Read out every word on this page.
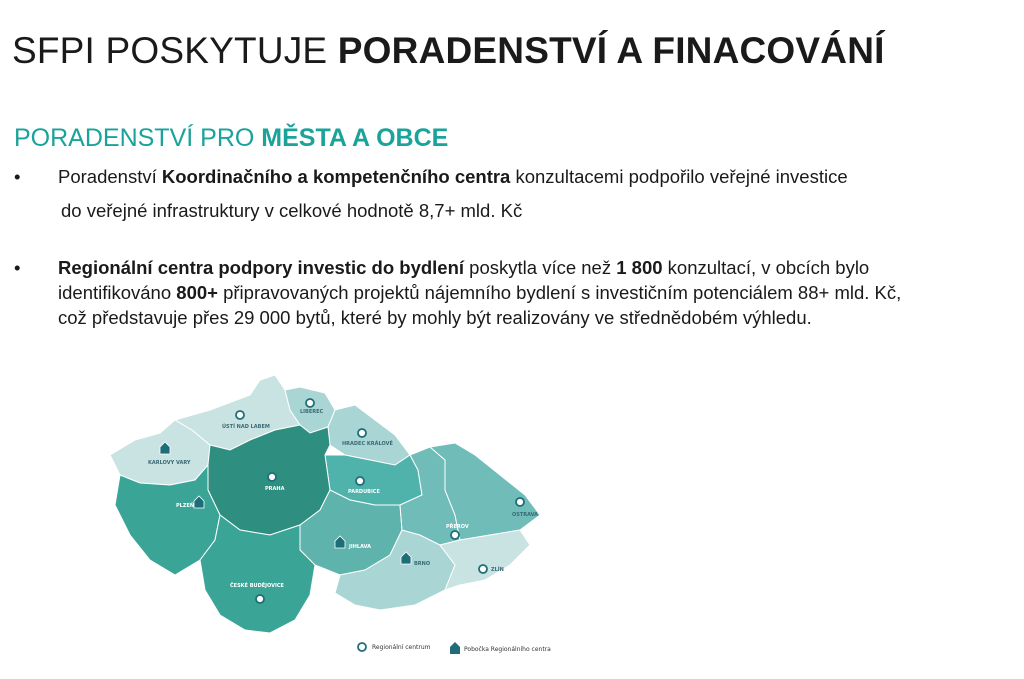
SFPI POSKYTUJE PORADENSTVÍ A FINACOVÁNÍ
PORADENSTVÍ PRO MĚSTA A OBCE
• Poradenství Koordinačního a kompetenčního centra konzultacemi podpořilo veřejné investice
do veřejné infrastruktury v celkové hodnotě 8,7+ mld. Kč
• Regionální centra podpory investic do bydlení poskytla více než 1 800 konzultací, v obcích bylo
identifikováno 800+ připravovaných projektů nájemního bydlení s investičním potenciálem 88+ mld. Kč,
což představuje přes 29 000 bytů, které by mohly být realizovány ve střednědobém výhledu.
ÚSTÍ NAD LABEM
LIBEREC
HRADEC KRÁLOVÉ
PARDUBICE
PRAHA
OSTRAVA
PŘEROV
ZLÍN
ČESKÉ BUDĚJOVICE
KARLOVY VARY
PLZEŇ
JIHLAVA
BRNO
Regionální centrum	Pobočka Regionálního centra
